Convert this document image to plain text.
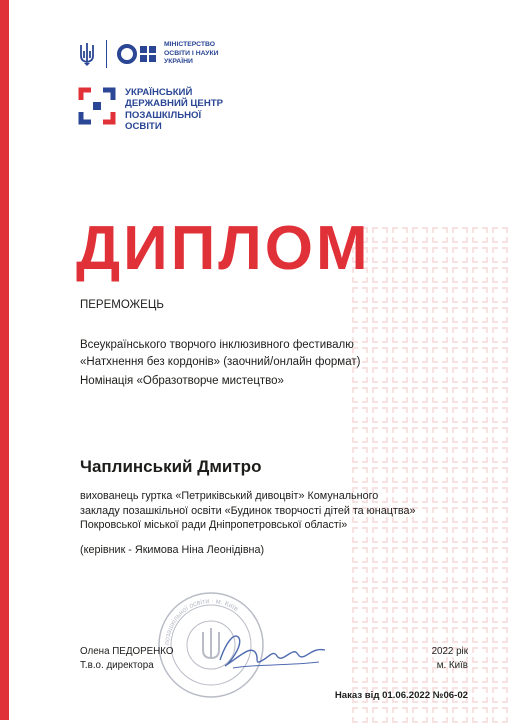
МІНІСТЕРСТВО
ОСВІТИ І НАУКИ
УКРАЇНИ
УКРАЇНСЬКИЙ
ДЕРЖАВНИЙ ЦЕНТР
ПОЗАШКІЛЬНОЇ
ОСВІТИ
ДИПЛОМ
ПЕРЕМОЖЕЦЬ
Всеукраїнського творчого інклюзивного фестивалю
«Натхнення без кордонів» (заочний/онлайн формат)
Номінація «Образотворче мистецтво»
Чаплинський Дмитро
вихованець гуртка «Петриківський дивоцвіт» Комунального
закладу позашкільної освіти «Будинок творчості дітей та юнацтва»
Покровської міської ради Дніпропетровської області»
(керівник - Якимова Ніна Леонідівна)
позашкільної освіти · м. Київ
Олена ПЕДОРЕНКО
Т.в.о. директора
2022 рік
м. Київ
Наказ від 01.06.2022 №06-02
